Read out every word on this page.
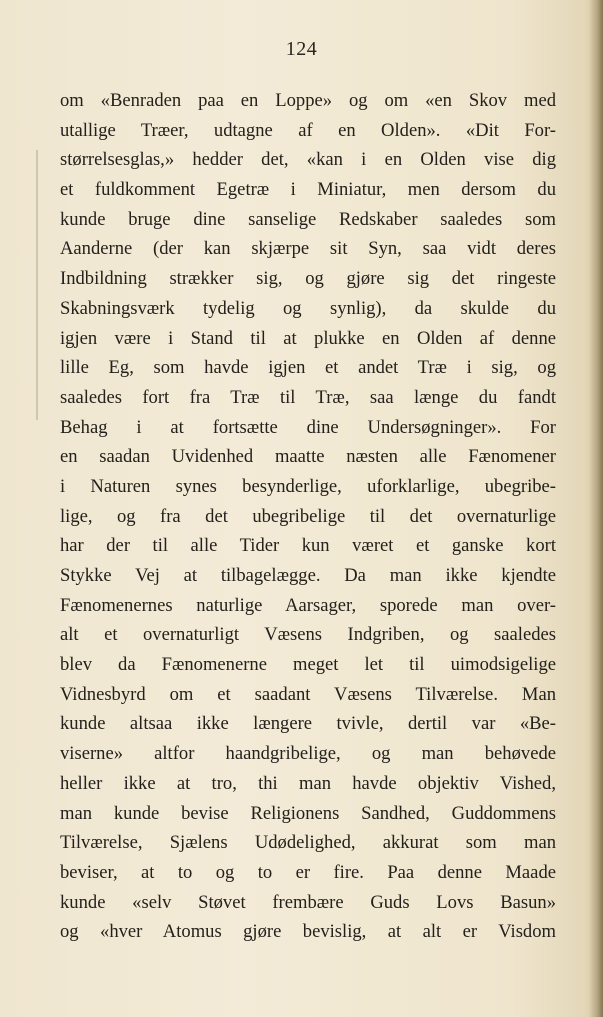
124
om «Benraden paa en Loppe» og om «en Skov med
utallige Træer, udtagne af en Olden». «Dit For-
størrelsesglas,» hedder det, «kan i en Olden vise dig
et fuldkomment Egetræ i Miniatur, men dersom du
kunde bruge dine sanselige Redskaber saaledes som
Aanderne (der kan skjærpe sit Syn, saa vidt deres
Indbildning strækker sig, og gjøre sig det ringeste
Skabningsværk tydelig og synlig), da skulde du
igjen være i Stand til at plukke en Olden af denne
lille Eg, som havde igjen et andet Træ i sig, og
saaledes fort fra Træ til Træ, saa længe du fandt
Behag i at fortsætte dine Undersøgninger». For
en saadan Uvidenhed maatte næsten alle Fænomener
i Naturen synes besynderlige, uforklarlige, ubegribe-
lige, og fra det ubegribelige til det overnaturlige
har der til alle Tider kun været et ganske kort
Stykke Vej at tilbagelægge. Da man ikke kjendte
Fænomenernes naturlige Aarsager, sporede man over-
alt et overnaturligt Væsens Indgriben, og saaledes
blev da Fænomenerne meget let til uimodsigelige
Vidnesbyrd om et saadant Væsens Tilværelse. Man
kunde altsaa ikke længere tvivle, dertil var «Be-
viserne» altfor haandgribelige, og man behøvede
heller ikke at tro, thi man havde objektiv Vished,
man kunde bevise Religionens Sandhed, Guddommens
Tilværelse, Sjælens Udødelighed, akkurat som man
beviser, at to og to er fire. Paa denne Maade
kunde «selv Støvet frembære Guds Lovs Basun»
og «hver Atomus gjøre bevislig, at alt er Visdom
